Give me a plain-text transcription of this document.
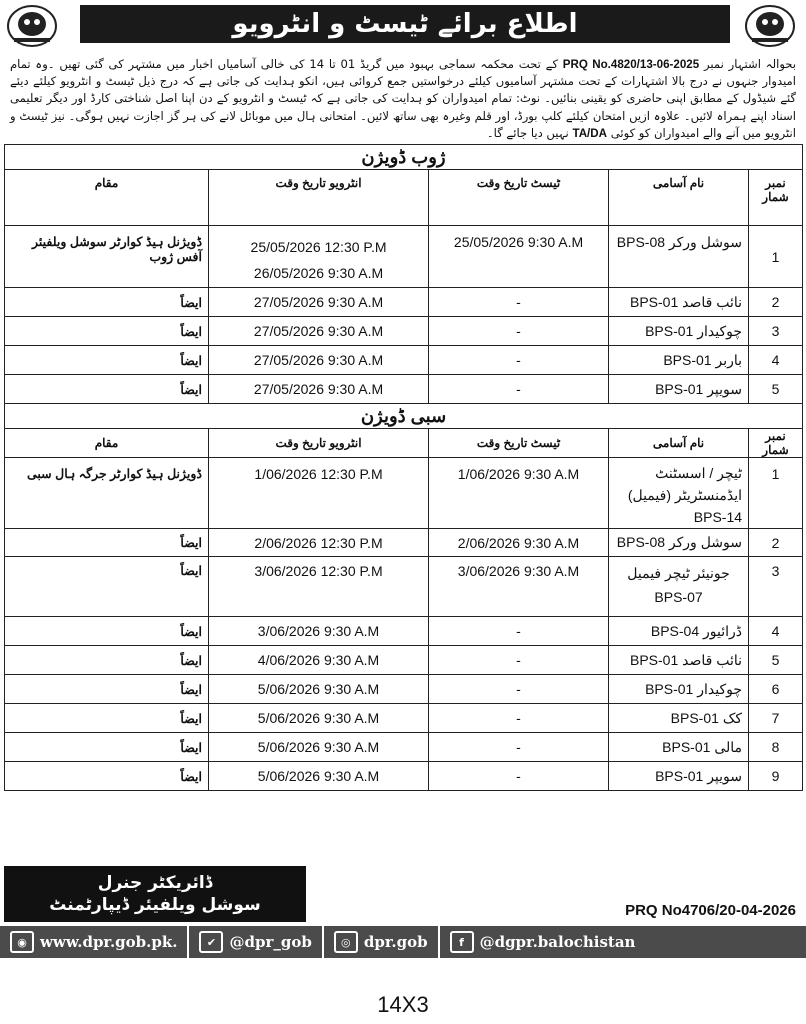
اطلاع برائے ٹیسٹ و انٹرویو

بحوالہ اشتہار نمبر PRQ No.4820/13-06-2025 کے تحت محکمہ سماجی بہبود میں گریڈ 01 تا 14 کی خالی آسامیاں اخبار میں مشتہر کی گئی تھیں ۔وہ تمام امیدوار جنہوں نے درج بالا اشتہارات کے تحت مشتہر آسامیوں کیلئے درخواستیں جمع کروائی ہیں، انکو ہدایت کی جاتی ہے کہ درج ذیل ٹیسٹ و انٹرویو کیلئے دیئے گئے شیڈول کے مطابق اپنی حاضری کو یقینی بنائیں۔ نوٹ: تمام امیدواران کو ہدایت کی جاتی ہے کہ ٹیسٹ و انٹرویو کے دن اپنا اصل شناختی کارڈ اور دیگر تعلیمی اسناد اپنے ہمراہ لائیں۔ علاوہ ازیں امتحان کیلئے کلپ بورڈ، اور قلم وغیرہ بھی ساتھ لائیں۔ امتحانی ہال میں موبائل لانے کی ہر گز اجازت نہیں ہوگی۔ نیز ٹیسٹ و انٹرویو میں آنے والے امیدواران کو کوئی TA/DA نہیں دیا جائے گا۔

ژوب ڈویژن				
نمبر شمار	نام آسامی	ٹیسٹ تاریخ وقت	انٹرویو تاریخ وقت	مقام
1	سوشل ورکر BPS-08	25/05/2026 9:30 A.M	25/05/2026 12:30 P.M
26/05/2026 9:30 A.M	ڈویژنل ہیڈ کوارٹر سوشل ویلفیئر آفس ژوب
2	نائب قاصد BPS-01	-	27/05/2026 9:30 A.M	ایضاً
3	چوکیدار BPS-01	-	27/05/2026 9:30 A.M	ایضاً
4	باربر BPS-01	-	27/05/2026 9:30 A.M	ایضاً
5	سویپر BPS-01	-	27/05/2026 9:30 A.M	ایضاً
سبی ڈویژن				
نمبر شمار	نام آسامی	ٹیسٹ تاریخ وقت	انٹرویو تاریخ وقت	مقام
1	ٹیچر / اسسٹنٹ ایڈمنسٹریٹر (فیمیل)
BPS-14	1/06/2026 9:30 A.M	1/06/2026 12:30 P.M	ڈویژنل ہیڈ کوارٹر جرگہ ہال سبی
2	سوشل ورکر BPS-08	2/06/2026 9:30 A.M	2/06/2026 12:30 P.M	ایضاً
3	جونیئر ٹیچر فیمیل
BPS-07	3/06/2026 9:30 A.M	3/06/2026 12:30 P.M	ایضاً
4	ڈرائیور BPS-04	-	3/06/2026 9:30 A.M	ایضاً
5	نائب قاصد BPS-01	-	4/06/2026 9:30 A.M	ایضاً
6	چوکیدار BPS-01	-	5/06/2026 9:30 A.M	ایضاً
7	کک BPS-01	-	5/06/2026 9:30 A.M	ایضاً
8	مالی BPS-01	-	5/06/2026 9:30 A.M	ایضاً
9	سویپر BPS-01	-	5/06/2026 9:30 A.M	ایضاً
ڈائریکٹر جنرل
سوشل ویلفیئر ڈیپارٹمنٹ	PRQ No4706/20-04-2026
◉ www.dpr.gob.pk.	✔ @dpr_gob	◎ dpr.gob	f	@dgpr.balochistan
14X3
